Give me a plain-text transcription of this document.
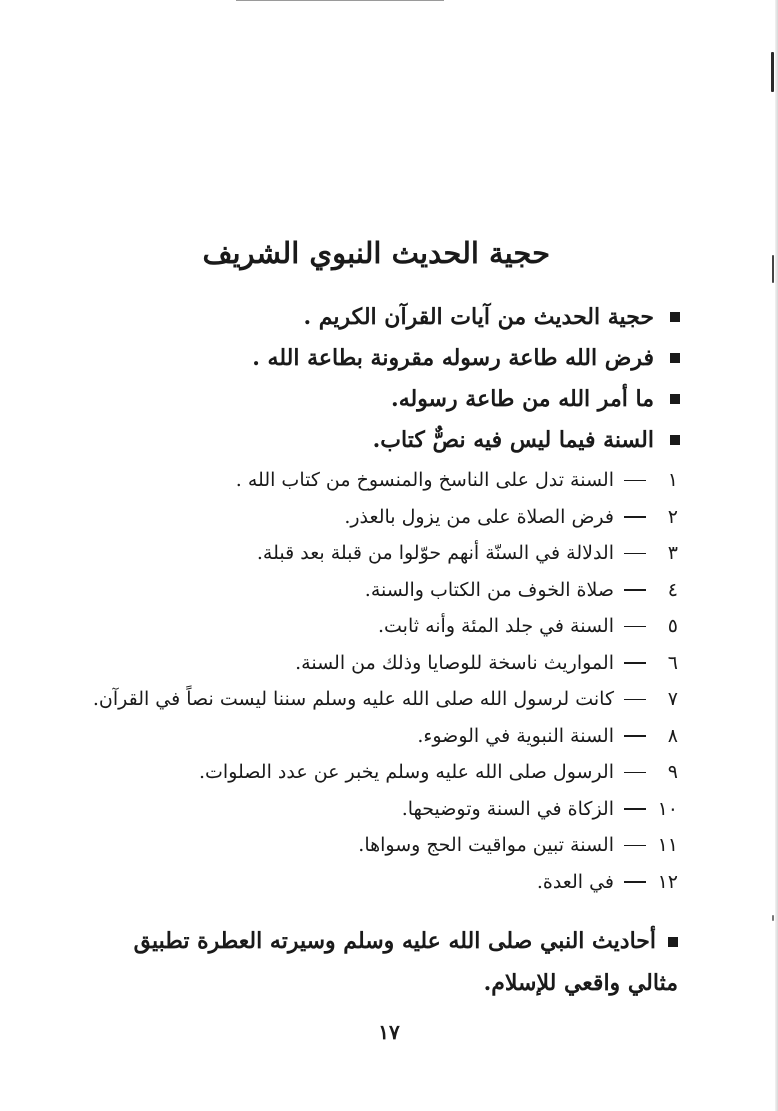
حجية الحديث النبوي الشريف
حجية الحديث من آيات القرآن الكريم .
فرض الله طاعة رسوله مقرونة بطاعة الله .
ما أمر الله من طاعة رسوله.
السنة فيما ليس فيه نصٌّ كتاب.
١
السنة تدل على الناسخ والمنسوخ من كتاب الله .
٢
فرض الصلاة على من يزول بالعذر.
٣
الدلالة في السنّة أنهم حوّلوا من قبلة بعد قبلة.
٤
صلاة الخوف من الكتاب والسنة.
٥
السنة في جلد المئة وأنه ثابت.
٦
المواريث ناسخة للوصايا وذلك من السنة.
٧
كانت لرسول الله صلى الله عليه وسلم سننا ليست نصاً في القرآن.
٨
السنة النبوية في الوضوء.
٩
الرسول صلى الله عليه وسلم يخبر عن عدد الصلوات.
١٠
الزكاة في السنة وتوضيحها.
١١
السنة تبين مواقيت الحج وسواها.
١٢
في العدة.

أحاديث النبي صلى الله عليه وسلم وسيرته العطرة تطبيق مثالي واقعي للإسلام.

١٧
